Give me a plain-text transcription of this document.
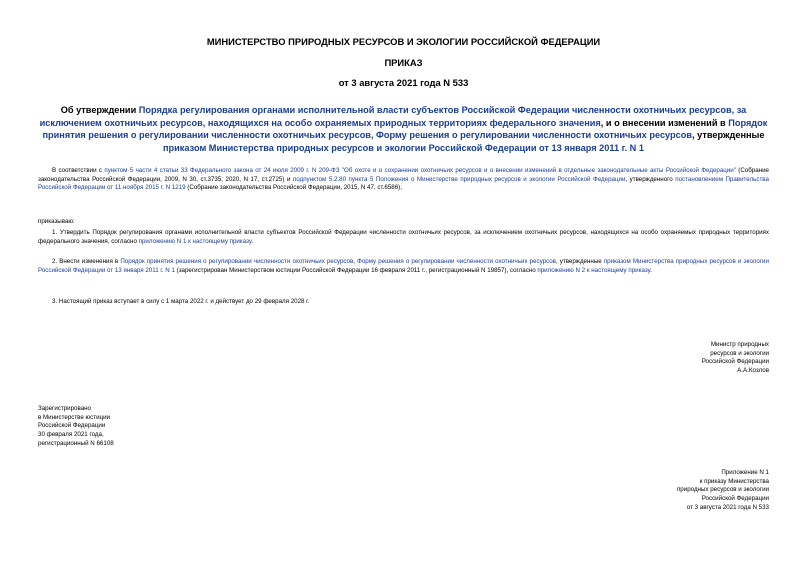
МИНИСТЕРСТВО ПРИРОДНЫХ РЕСУРСОВ И ЭКОЛОГИИ РОССИЙСКОЙ ФЕДЕРАЦИИ
ПРИКАЗ
от 3 августа 2021 года N 533
Об утверждении Порядка регулирования органами исполнительной власти субъектов Российской Федерации численности охотничьих ресурсов, за исключением охотничьих ресурсов, находящихся на особо охраняемых природных территориях федерального значения, и о внесении изменений в Порядок принятия решения о регулировании численности охотничьих ресурсов, Форму решения о регулировании численности охотничьих ресурсов, утвержденные приказом Министерства природных ресурсов и экологии Российской Федерации от 13 января 2011 г. N 1
В соответствии с пунктом 5 части 4 статьи 33 Федерального закона от 24 июля 2009 г. N 209-ФЗ "Об охоте и о сохранении охотничьих ресурсов и о внесении изменений в отдельные законодательные акты Российской Федерации" (Собрание законодательства Российской Федерации, 2009, N 30, ст.3735; 2020, N 17, ст.2725) и подпунктом 5.2.80 пункта 5 Положения о Министерстве природных ресурсов и экологии Российской Федерации, утвержденного постановлением Правительства Российской Федерации от 11 ноября 2015 г. N 1219 (Собрание законодательства Российской Федерации, 2015, N 47, ст.6586),
приказываю:
1. Утвердить Порядок регулирования органами исполнительной власти субъектов Российской Федерации численности охотничьих ресурсов, за исключением охотничьих ресурсов, находящихся на особо охраняемых природных территориях федерального значения, согласно приложению N 1 к настоящему приказу.
2. Внести изменения в Порядок принятия решения о регулировании численности охотничьих ресурсов, Форму решения о регулировании численности охотничьих ресурсов, утвержденные приказом Министерства природных ресурсов и экологии Российской Федерации от 13 января 2011 г. N 1 (зарегистрирован Министерством юстиции Российской Федерации 16 февраля 2011 г., регистрационный N 19857), согласно приложению N 2 к настоящему приказу.
3. Настоящий приказ вступает в силу с 1 марта 2022 г. и действует до 29 февраля 2028 г.
Министр природных
ресурсов и экологии
Российской Федерации
А.А.Козлов
Зарегистрировано
в Министерстве юстиции
Российской Федерации
30 февраля 2021 года,
регистрационный N 66108
Приложение N 1
к приказу Министерства
природных ресурсов и экологии
Российской Федерации
от 3 августа 2021 года N 533
